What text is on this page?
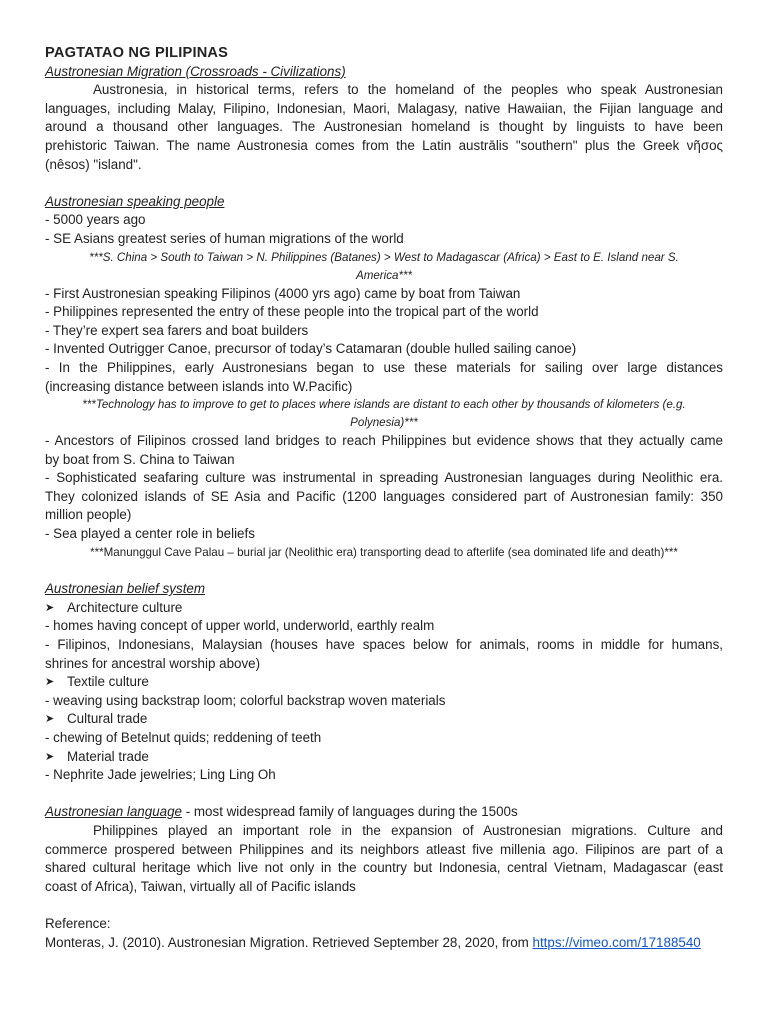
PAGTATAO NG PILIPINAS
Austronesian Migration (Crossroads - Civilizations)
Austronesia, in historical terms, refers to the homeland of the peoples who speak Austronesian
languages, including Malay, Filipino, Indonesian, Maori, Malagasy, native Hawaiian, the Fijian language and
around a thousand other languages. The Austronesian homeland is thought by linguists to have been
prehistoric Taiwan. The name Austronesia comes from the Latin austrālis "southern" plus the Greek νῆσος
(nêsos) "island".
Austronesian speaking people
- 5000 years ago
- SE Asians greatest series of human migrations of the world
***S. China > South to Taiwan > N. Philippines (Batanes) > West to Madagascar (Africa) > East to E. Island near S.
America***
- First Austronesian speaking Filipinos (4000 yrs ago) came by boat from Taiwan
- Philippines represented the entry of these people into the tropical part of the world
- They’re expert sea farers and boat builders
- Invented Outrigger Canoe, precursor of today’s Catamaran (double hulled sailing canoe)
- In the Philippines, early Austronesians began to use these materials for sailing over large distances
(increasing distance between islands into W.Pacific)
***Technology has to improve to get to places where islands are distant to each other by thousands of kilometers (e.g.
Polynesia)***
- Ancestors of Filipinos crossed land bridges to reach Philippines but evidence shows that they actually came
by boat from S. China to Taiwan
- Sophisticated seafaring culture was instrumental in spreading Austronesian languages during Neolithic era.
They colonized islands of SE Asia and Pacific (1200 languages considered part of Austronesian family: 350
million people)
- Sea played a center role in beliefs
***Manunggul Cave Palau – burial jar (Neolithic era) transporting dead to afterlife (sea dominated life and death)***
Austronesian belief system
➤ Architecture culture
- homes having concept of upper world, underworld, earthly realm
- Filipinos, Indonesians, Malaysian (houses have spaces below for animals, rooms in middle for humans,
shrines for ancestral worship above)
➤ Textile culture
- weaving using backstrap loom; colorful backstrap woven materials
➤ Cultural trade
- chewing of Betelnut quids; reddening of teeth
➤ Material trade
- Nephrite Jade jewelries; Ling Ling Oh
Austronesian language - most widespread family of languages during the 1500s
Philippines played an important role in the expansion of Austronesian migrations. Culture and
commerce prospered between Philippines and its neighbors atleast five millenia ago. Filipinos are part of a
shared cultural heritage which live not only in the country but Indonesia, central Vietnam, Madagascar (east
coast of Africa), Taiwan, virtually all of Pacific islands
Reference:
Monteras, J. (2010). Austronesian Migration. Retrieved September 28, 2020, from https://vimeo.com/17188540
